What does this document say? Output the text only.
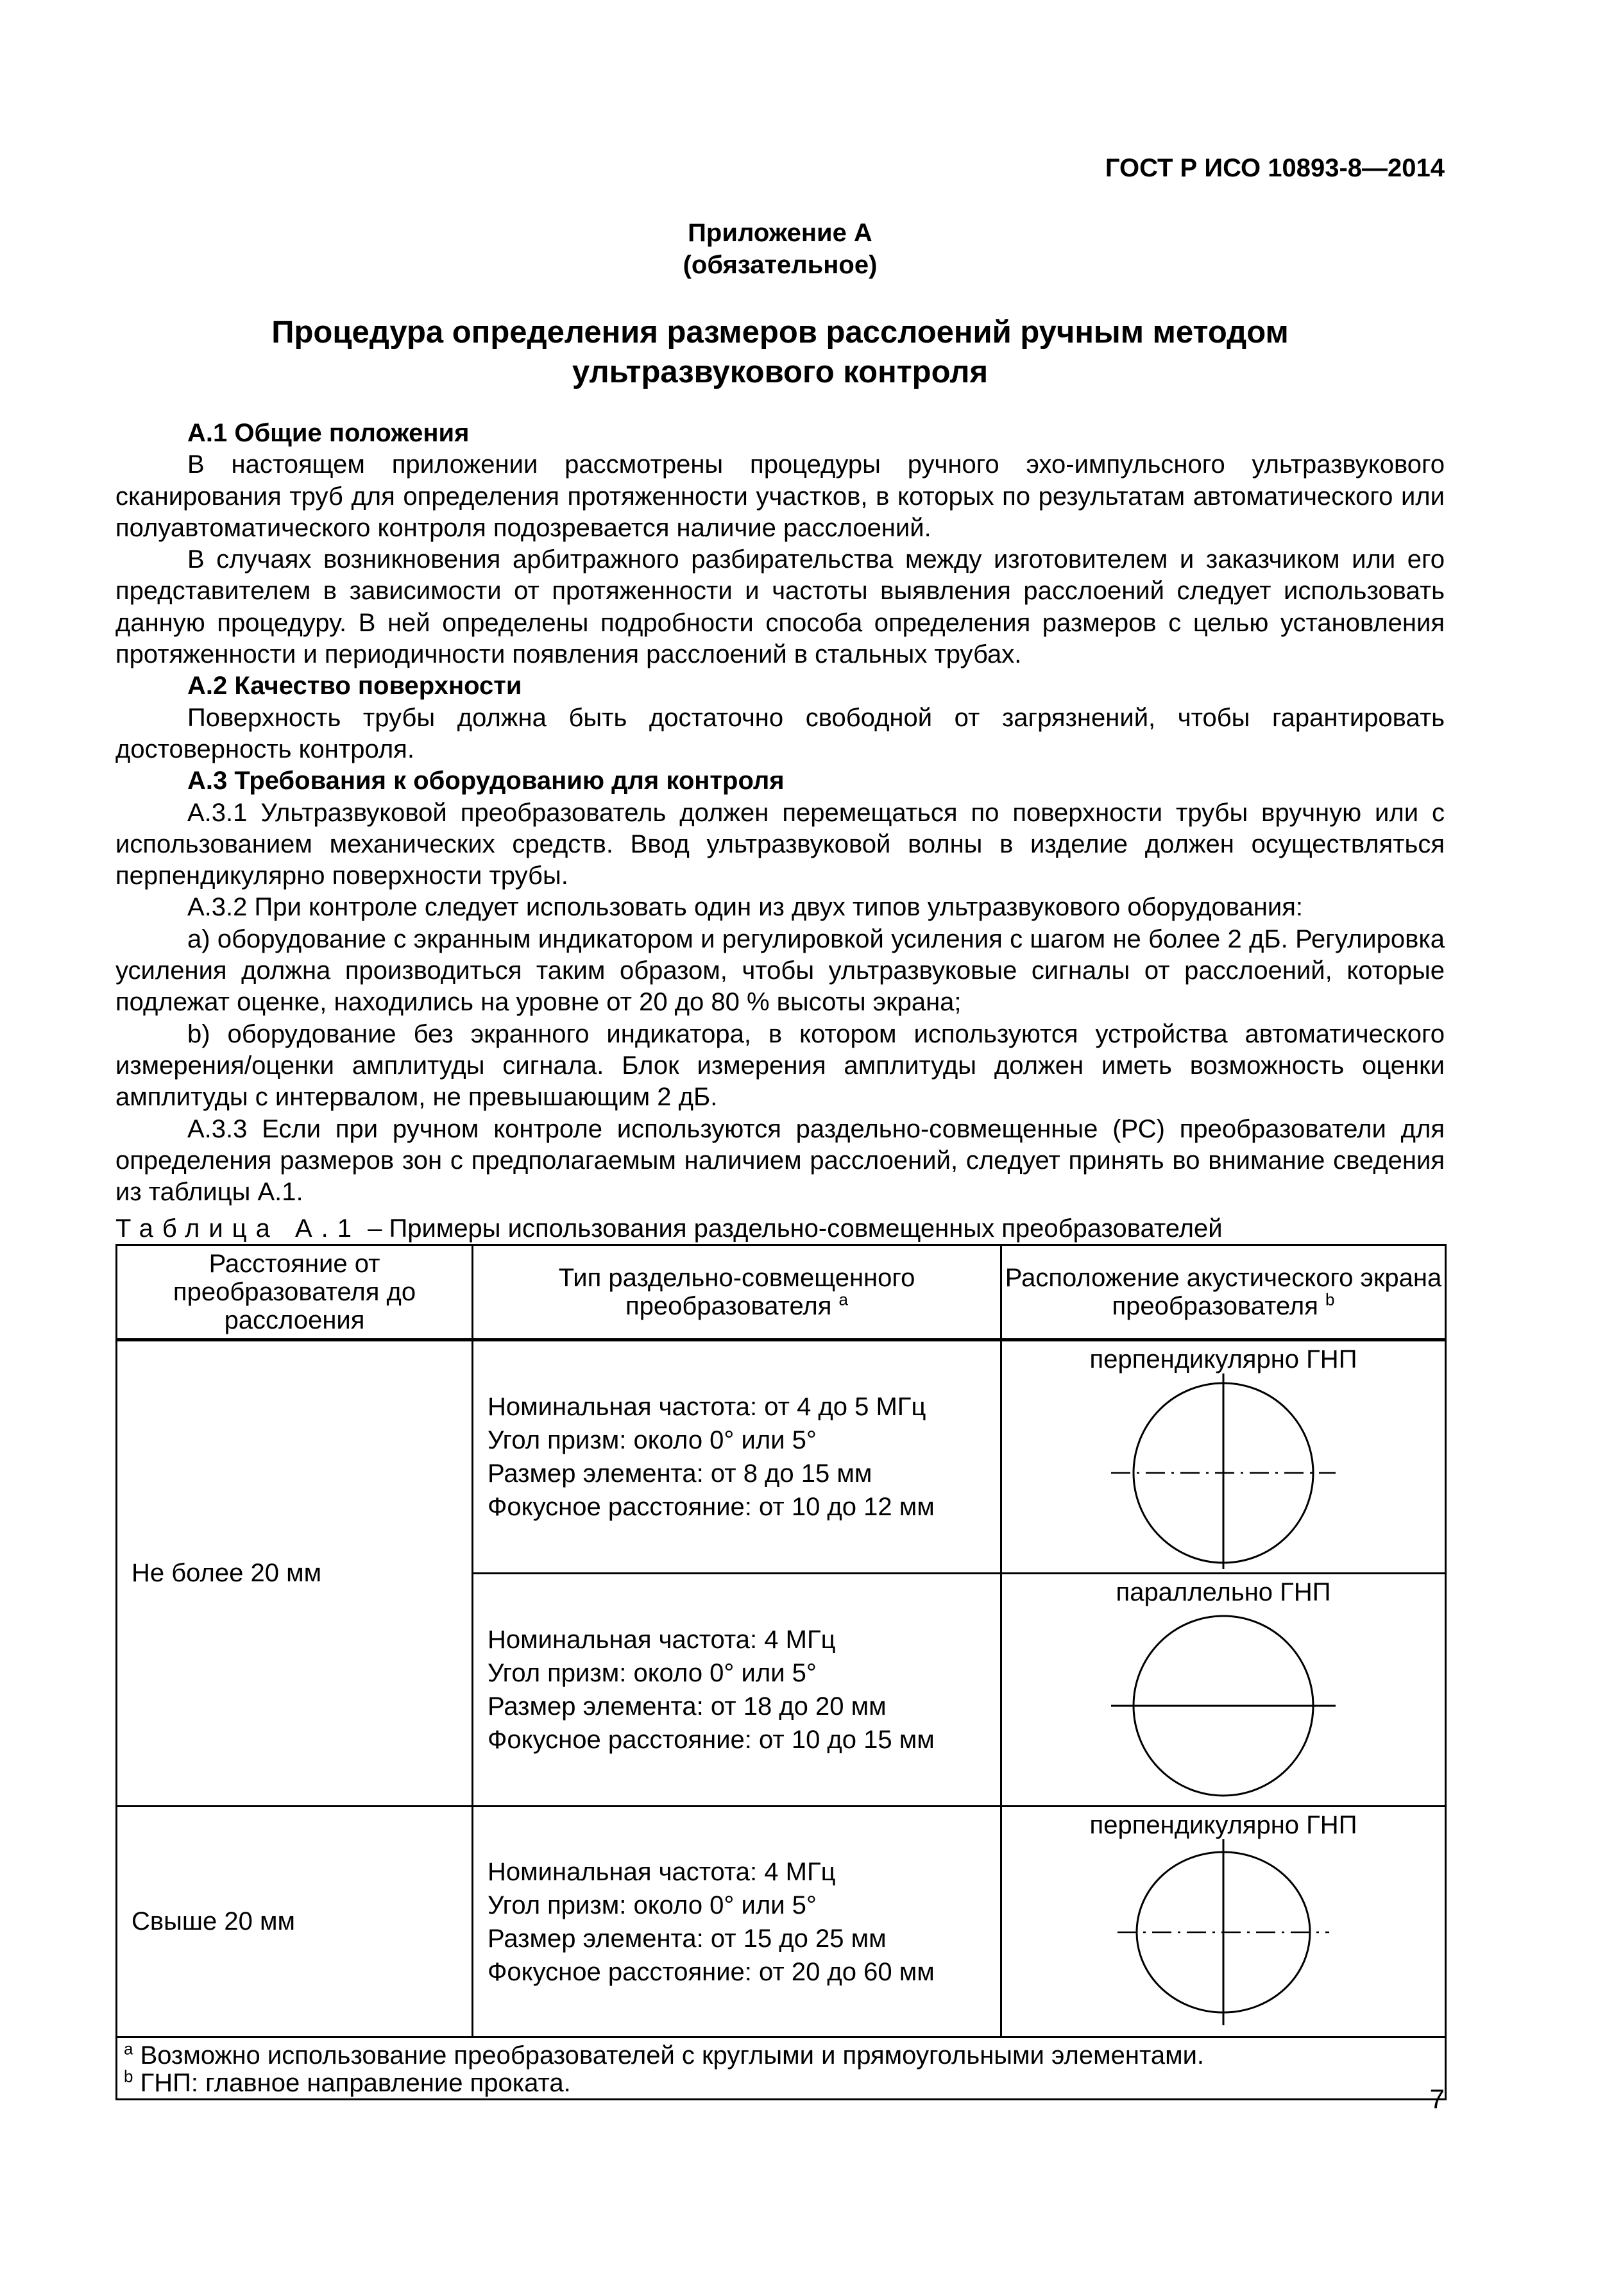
ГОСТ Р ИСО 10893-8—2014
Приложение А
(обязательное)
Процедура определения размеров расслоений ручным методом
ультразвукового контроля
А.1 Общие положения

В настоящем приложении рассмотрены процедуры ручного эхо-импульсного ультразвукового сканирования труб для определения протяженности участков, в которых по результатам автоматического или полуавтоматического контроля подозревается наличие расслоений.

В случаях возникновения арбитражного разбирательства между изготовителем и заказчиком или его представителем в зависимости от протяженности и частоты выявления расслоений следует использовать данную процедуру. В ней определены подробности способа определения размеров с целью установления протяженности и периодичности появления расслоений в стальных трубах.

А.2 Качество поверхности

Поверхность трубы должна быть достаточно свободной от загрязнений, чтобы гарантировать достоверность контроля.

А.3 Требования к оборудованию для контроля

А.3.1 Ультразвуковой преобразователь должен перемещаться по поверхности трубы вручную или с использованием механических средств. Ввод ультразвуковой волны в изделие должен осуществляться перпендикулярно поверхности трубы.

А.3.2 При контроле следует использовать один из двух типов ультразвукового оборудования:

а) оборудование с экранным индикатором и регулировкой усиления с шагом не более 2 дБ. Регулировка усиления должна производиться таким образом, чтобы ультразвуковые сигналы от расслоений, которые подлежат оценке, находились на уровне от 20 до 80 % высоты экрана;

b) оборудование без экранного индикатора, в котором используются устройства автоматического измерения/оценки амплитуды сигнала. Блок измерения амплитуды должен иметь возможность оценки амплитуды с интервалом, не превышающим 2 дБ.

А.3.3 Если при ручном контроле используются раздельно-совмещенные (РС) преобразователи для определения размеров зон с предполагаемым наличием расслоений, следует принять во внимание сведения из таблицы А.1.

Таблица А.1 – Примеры использования раздельно-совмещенных преобразователей
Расстояние от преобразователя до расслоения	Тип раздельно-совмещенного преобразователя $^a$	Расположение акустического экрана преобразователя $^b$
Не более 20 мм	Номинальная частота: от 4 до 5 МГц
Угол призм: около 0° или 5°
Размер элемента: от 8 до 15 мм
Фокусное расстояние: от 10 до 12 мм	перпендикулярно ГНП

	Номинальная частота: 4 МГц
Угол призм: около 0° или 5°
Размер элемента: от 18 до 20 мм
Фокусное расстояние: от 10 до 15 мм	параллельно ГНП

Свыше 20 мм	Номинальная частота: 4 МГц
Угол призм: около 0° или 5°
Размер элемента: от 15 до 25 мм
Фокусное расстояние: от 20 до 60 мм	перпендикулярно ГНП

$^a$ Возможно использование преобразователей с круглыми и прямоугольными элементами.
$^b$ ГНП: главное направление проката.		
7
